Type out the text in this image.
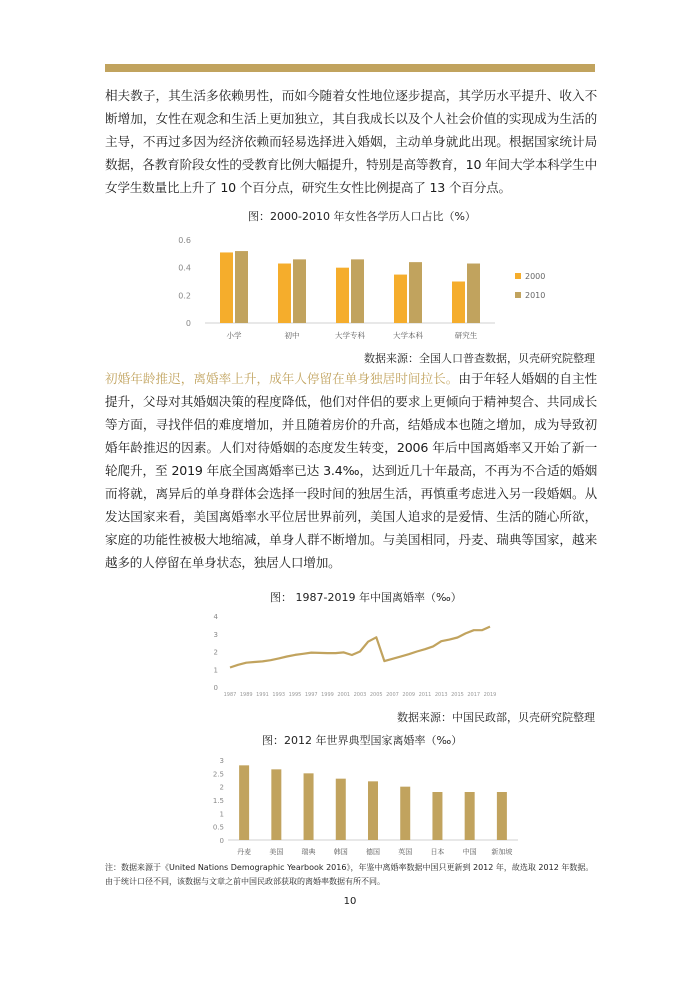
相夫教子，其生活多依赖男性，而如今随着女性地位逐步提高，其学历水平提升、收入不断增加，女性在观念和生活上更加独立，其自我成长以及个人社会价值的实现成为生活的主导，不再过多因为经济依赖而轻易选择进入婚姻，主动单身就此出现。根据国家统计局数据，各教育阶段女性的受教育比例大幅提升，特别是高等教育，10 年间大学本科学生中女学生数量比上升了 10 个百分点，研究生女性比例提高了 13 个百分点。

图：2000-2010 年女性各学历人口占比（%）
0
0.2
0.4
0.6
小学	初中	大学专科	大学本科	研究生
2000
2010
数据来源：全国人口普查数据，贝壳研究院整理

初婚年龄推迟，离婚率上升，成年人停留在单身独居时间拉长。由于年轻人婚姻的自主性提升，父母对其婚姻决策的程度降低，他们对伴侣的要求上更倾向于精神契合、共同成长等方面，寻找伴侣的难度增加，并且随着房价的升高，结婚成本也随之增加，成为导致初婚年龄推迟的因素。人们对待婚姻的态度发生转变，2006 年后中国离婚率又开始了新一轮爬升，至 2019 年底全国离婚率已达 3.4‰，达到近几十年最高，不再为不合适的婚姻而将就，离异后的单身群体会选择一段时间的独居生活，再慎重考虑进入另一段婚姻。从发达国家来看，美国离婚率水平位居世界前列，美国人追求的是爱情、生活的随心所欲，家庭的功能性被极大地缩减，单身人群不断增加。与美国相同，丹麦、瑞典等国家，越来越多的人停留在单身状态，独居人口增加。

图： 1987-2019 年中国离婚率（‰）
0
1
2
3
4
1987 1989 1991 1993 1995 1997 1999 2001 2003 2005 2007 2009 2011 2013 2015 2017 2019
数据来源：中国民政部，贝壳研究院整理
图：2012 年世界典型国家离婚率（‰）
0
0.5
1
1.5
2
2.5
3
丹麦	美国	瑞典	韩国	德国	英国	日本	中国 新加坡
注：数据来源于《United Nations Demographic Yearbook 2016》，年鉴中离婚率数据中国只更新到 2012 年，故选取 2012 年数据。由于统计口径不同，该数据与文章之前中国民政部获取的离婚率数据有所不同。
10
